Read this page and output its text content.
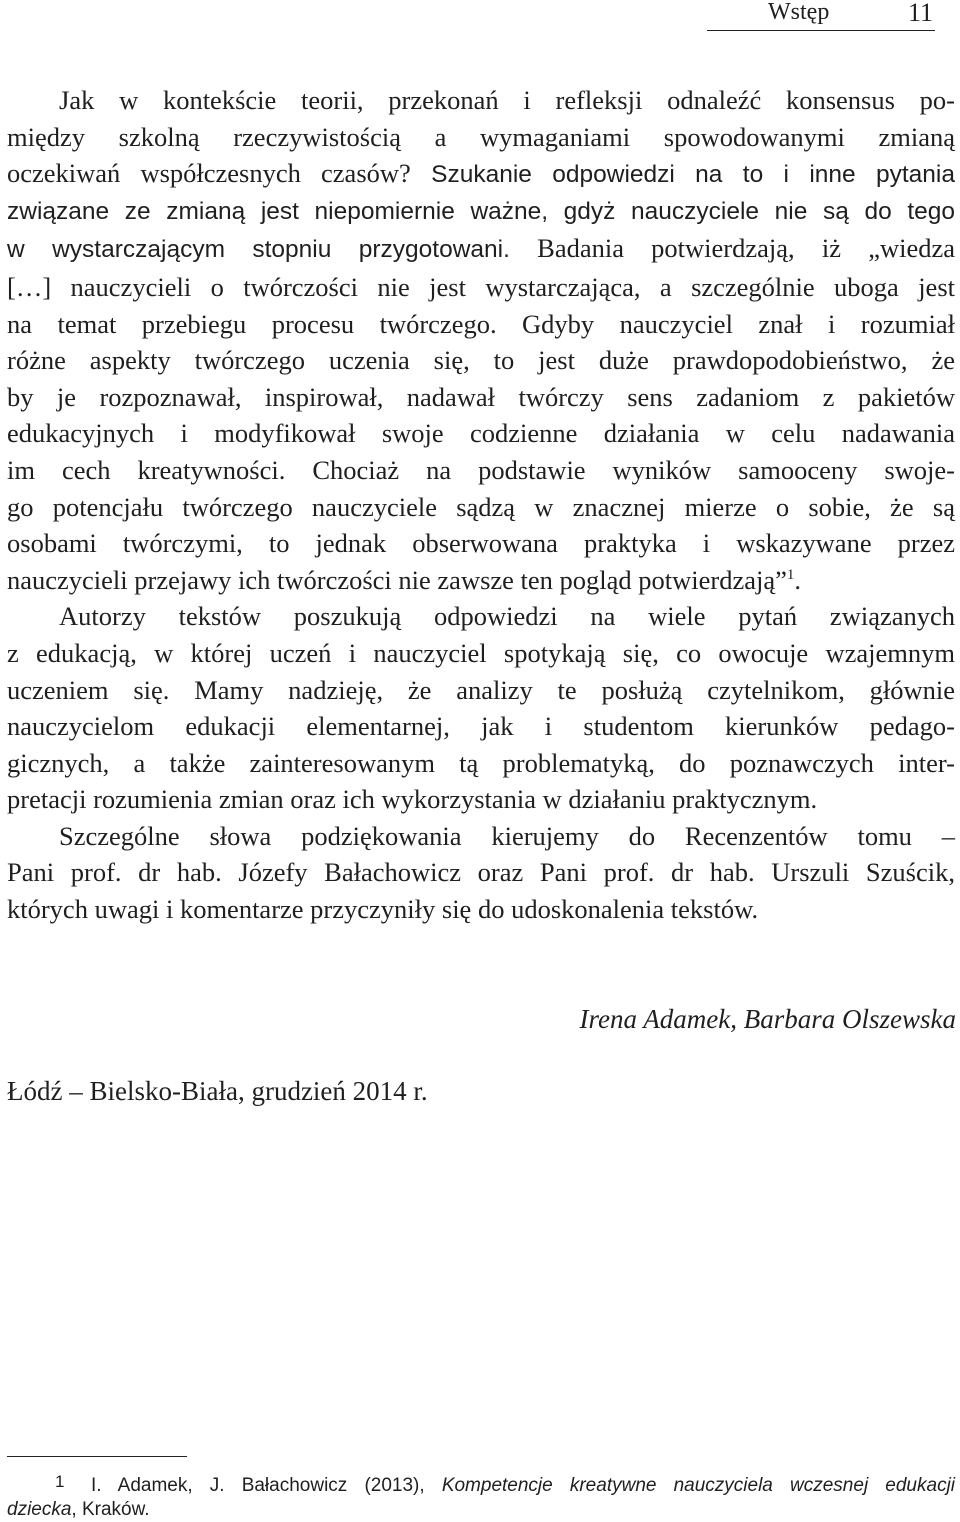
Wstęp	11

Jak w kontekście teorii, przekonań i refleksji odnaleźć konsensus po-
między szkolną rzeczywistością a wymaganiami spowodowanymi zmianą
oczekiwań współczesnych czasów? Szukanie odpowiedzi na to i inne pytania
związane ze zmianą jest niepomiernie ważne, gdyż nauczyciele nie są do tego
w wystarczającym stopniu przygotowani. Badania potwierdzają, iż „wiedza
[…] nauczycieli o twórczości nie jest wystarczająca, a szczególnie uboga jest
na temat przebiegu procesu twórczego. Gdyby nauczyciel znał i rozumiał
różne aspekty twórczego uczenia się, to jest duże prawdopodobieństwo, że
by je rozpoznawał, inspirował, nadawał twórczy sens zadaniom z pakietów
edukacyjnych i modyfikował swoje codzienne działania w celu nadawania
im cech kreatywności. Chociaż na podstawie wyników samooceny swoje-
go potencjału twórczego nauczyciele sądzą w znacznej mierze o sobie, że są
osobami twórczymi, to jednak obserwowana praktyka i wskazywane przez
nauczycieli przejawy ich twórczości nie zawsze ten pogląd potwierdzają”$^1$.

Autorzy tekstów poszukują odpowiedzi na wiele pytań związanych
z edukacją, w której uczeń i nauczyciel spotykają się, co owocuje wzajemnym
uczeniem się. Mamy nadzieję, że analizy te posłużą czytelnikom, głównie
nauczycielom edukacji elementarnej, jak i studentom kierunków pedago-
gicznych, a także zainteresowanym tą problematyką, do poznawczych inter-
pretacji rozumienia zmian oraz ich wykorzystania w działaniu praktycznym.

Szczególne słowa podziękowania kierujemy do Recenzentów tomu –
Pani prof. dr hab. Józefy Bałachowicz oraz Pani prof. dr hab. Urszuli Szuścik,
których uwagi i komentarze przyczyniły się do udoskonalenia tekstów.

Irena Adamek, Barbara Olszewska
Łódź – Bielsko-Biała, grudzień 2014 r.
1 I. Adamek, J. Bałachowicz (2013), Kompetencje kreatywne nauczyciela wczesnej edukacji
dziecka, Kraków.
